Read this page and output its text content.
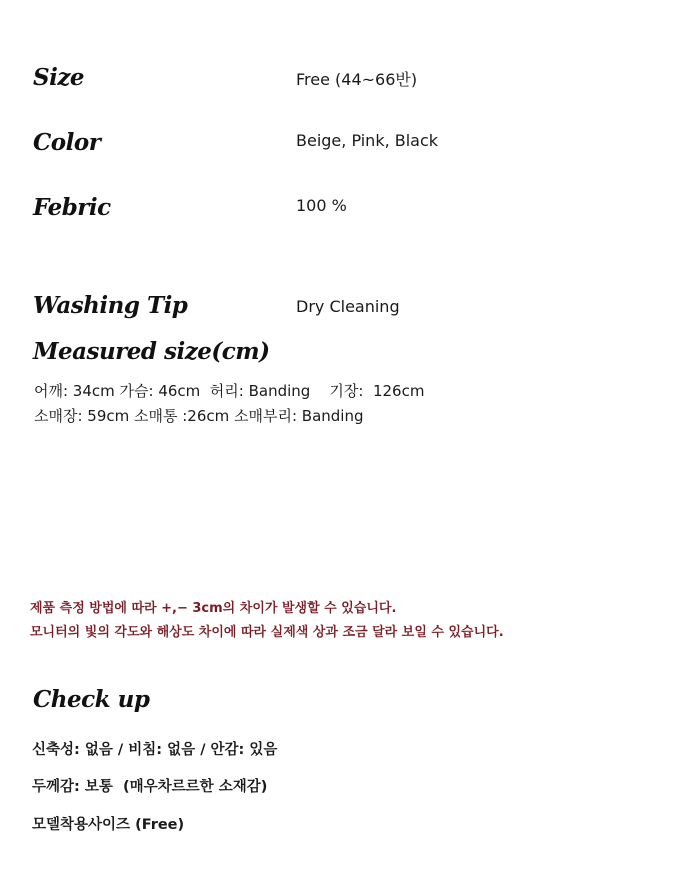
Size	Free (44~66반)
Color	Beige, Pink, Black
Febric	100 %
Washing Tip	Dry Cleaning
Measured size(cm)
어깨: 34cm 가슴: 46cm  허리: Banding    기장:  126cm
소매장: 59cm 소매통 :26cm 소매부리: Banding
제품 측정 방법에 따라 +,− 3cm의 차이가 발생할 수 있습니다.
모니터의 빛의 각도와 해상도 차이에 따라 실제색 상과 조금 달라 보일 수 있습니다.
Check up
신축성: 없음 / 비침: 없음 / 안감: 있음
두께감: 보통  (매우차르르한 소재감)
모델착용사이즈 (Free)
